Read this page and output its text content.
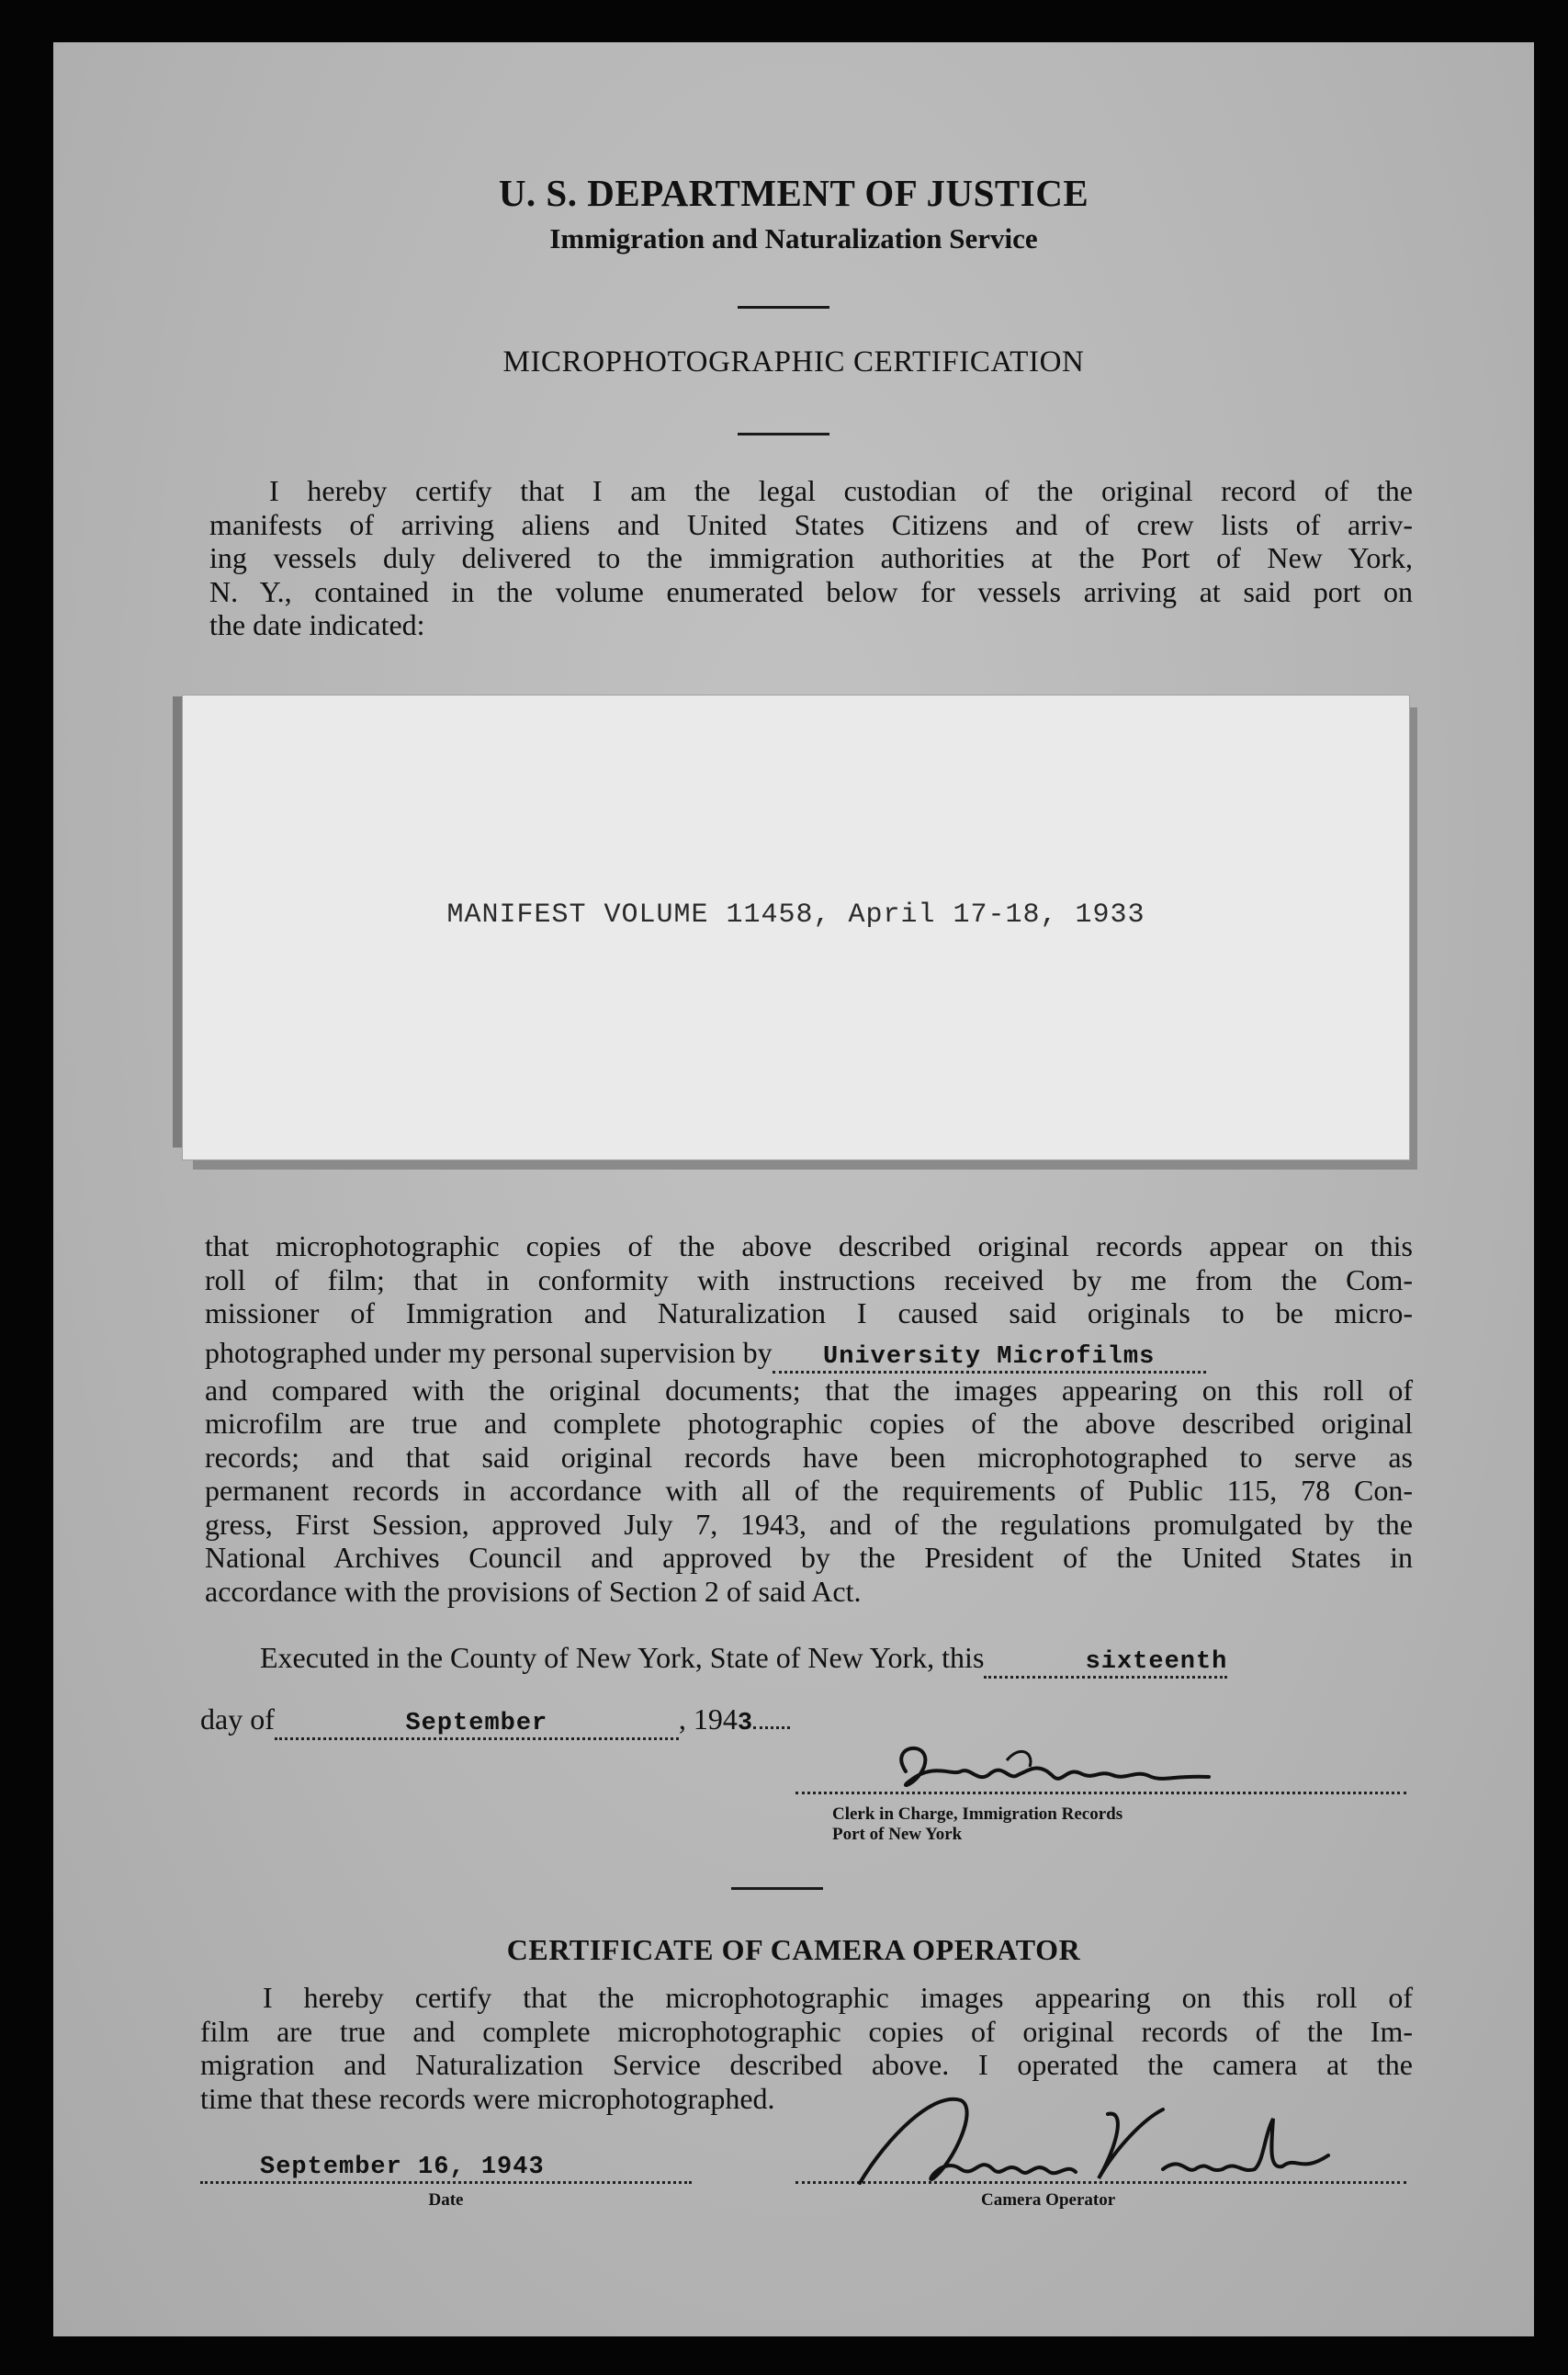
U. S. DEPARTMENT OF JUSTICE
Immigration and Naturalization Service
MICROPHOTOGRAPHIC CERTIFICATION
I hereby certify that I am the legal custodian of the original record of the
manifests of arriving aliens and United States Citizens and of crew lists of arriv-
ing vessels duly delivered to the immigration authorities at the Port of New York,
N. Y., contained in the volume enumerated below for vessels arriving at said port on
the date indicated:
MANIFEST VOLUME 11458, April 17-18, 1933
that microphotographic copies of the above described original records appear on this
roll of film; that in conformity with instructions received by me from the Com-
missioner of Immigration and Naturalization I caused said originals to be micro-
photographed under my personal supervision by University Microfilms
and compared with the original documents; that the images appearing on this roll of
microfilm are true and complete photographic copies of the above described original
records; and that said original records have been microphotographed to serve as
permanent records in accordance with all of the requirements of Public 115, 78 Con-
gress, First Session, approved July 7, 1943, and of the regulations promulgated by the
National Archives Council and approved by the President of the United States in
accordance with the provisions of Section 2 of said Act.
Executed in the County of New York, State of New York, this	sixteenth
day of	September	, 1943
Clerk in Charge, Immigration Records
Port of New York
CERTIFICATE OF CAMERA OPERATOR
I hereby certify that the microphotographic images appearing on this roll of
film are true and complete microphotographic copies of original records of the Im-
migration and Naturalization Service described above. I operated the camera at the
time that these records were microphotographed.
September 16, 1943
Date	Camera Operator
